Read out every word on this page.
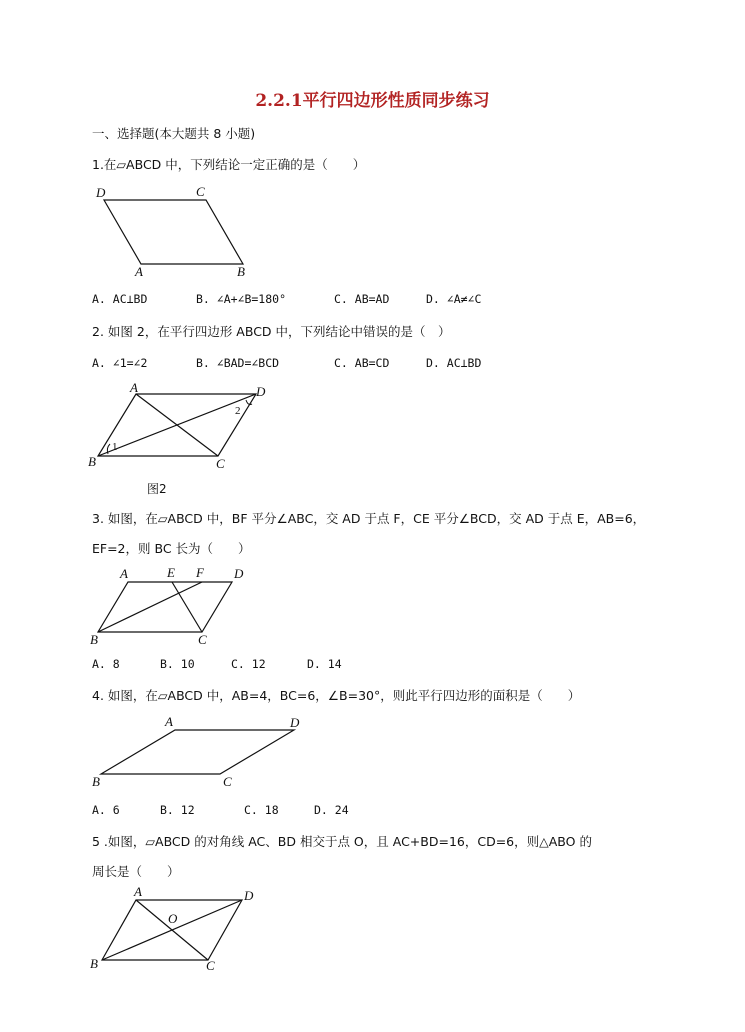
2.2.1平行四边形性质同步练习
一、选择题(本大题共 8 小题)
1.在▱ABCD 中，下列结论一定正确的是（　　）
D	C
A	B
A. AC⊥BD	B. ∠A+∠B=180°	C. AB=AD	D. ∠A≠∠C
2. 如图 2，在平行四边形 ABCD 中，下列结论中错误的是（　）
A. ∠1=∠2	B. ∠BAD=∠BCD	C. AB=CD	D. AC⊥BD
A	D
B	C
1
2
图2
3. 如图，在▱ABCD 中，BF 平分∠ABC，交 AD 于点 F，CE 平分∠BCD，交 AD 于点 E，AB=6，
EF=2，则 BC 长为（　　）
A	E F D
B	C
A. 8	B. 10	C. 12	D. 14
4. 如图，在▱ABCD 中，AB=4，BC=6，∠B=30°，则此平行四边形的面积是（　　）
A	D
B	C
A. 6	B. 12	C. 18	D. 24
5 .如图，▱ABCD 的对角线 AC、BD 相交于点 O，且 AC+BD=16，CD=6，则△ABO 的
周长是（　　）
A	D
O
B	C
